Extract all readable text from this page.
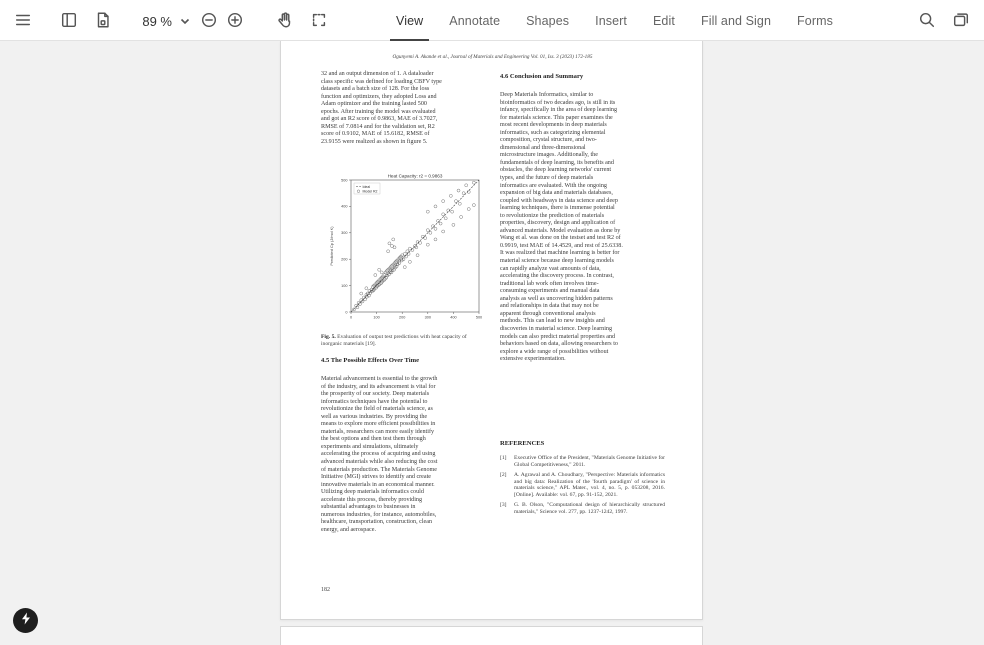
89 %	View Annotate Shapes Insert Edit Fill and Sign Forms
Ogunyemi A. Akande et al., Journal of Materials and Engineering Vol. 01, Iss. 3 (2023) 172-185

32 and an output dimension of 1. A dataloader

class specific was defined for loading CBFV type

datasets and a batch size of 128. For the loss

function and optimizers, they adopted Loss and

Adam optimizer and the training lasted 500

epochs. After training the model was evaluated

and got an R2 score of 0.9863, MAE of 3.7027,

RMSE of 7.0814 and for the validation set, R2

score of 0.9102, MAE of 15.6182, RMSE of

23.9155 were realized as shown in figure 5.

Heat Capacity: r2 = 0.9863
0	100	200	300	400	500
0
100
200
300
400
500
Predicted Cp (J/mol K)
Ideal
Model R2
Fig. 5. Evaluation of output test predictions with heat capacity of inorganic materials [19].
4.5 The Possible Effects Over Time

Material advancement is essential to the growth

of the industry, and its advancement is vital for

the prosperity of our society. Deep materials

informatics techniques have the potential to

revolutionize the field of materials science, as

well as various industries. By providing the

means to explore more efficient possibilities in

materials, researchers can more easily identify

the best options and then test them through

experiments and simulations, ultimately

accelerating the process of acquiring and using

advanced materials while also reducing the cost

of materials production. The Materials Genome

Initiative (MGI) strives to identify and create

innovative materials in an economical manner.

Utilizing deep materials informatics could

accelerate this process, thereby providing

substantial advantages to businesses in

numerous industries, for instance, automobiles,

healthcare, transportation, construction, clean

energy, and aerospace.

182
4.6 Conclusion and Summary

Deep Materials Informatics, similar to

bioinformatics of two decades ago, is still in its

infancy, specifically in the area of deep learning

for materials science. This paper examines the

most recent developments in deep materials

informatics, such as categorizing elemental

composition, crystal structure, and two-

dimensional and three-dimensional

microstructure images. Additionally, the

fundamentals of deep learning, its benefits and

obstacles, the deep learning networks' current

types, and the future of deep materials

informatics are evaluated. With the ongoing

expansion of big data and materials databases,

coupled with headways in data science and deep

learning techniques, there is immense potential

to revolutionize the prediction of materials

properties, discovery, design and application of

advanced materials. Model evaluation as done by

Wang et al. was done on the testset and test R2 of

0.9919, test MAE of 14.4529, and rest of 25.6338.

It was realized that machine learning is better for

material science because deep learning models

can rapidly analyze vast amounts of data,

accelerating the discovery process. In contrast,

traditional lab work often involves time-

consuming experiments and manual data

analysis as well as uncovering hidden patterns

and relationships in data that may not be

apparent through conventional analysis

methods. This can lead to new insights and

discoveries in material science. Deep learning

models can also predict material properties and

behaviors based on data, allowing researchers to

explore a wide range of possibilities without

extensive experimentation.

REFERENCES
[1]	Executive Office of the President, "Materials Genome Initiative for Global Competitiveness," 2011.
[2]	A. Agrawal and A. Choudhary, "Perspective: Materials informatics and big data: Realization of the 'fourth paradigm' of science in materials science," APL Mater., vol. 4, no. 5, p. 053208, 2016. [Online]. Available: vol. 67, pp. 91-152, 2021.
[3]	G. B. Olson, "Computational design of hierarchically structured materials," Science vol. 277, pp. 1237-1242, 1997.
